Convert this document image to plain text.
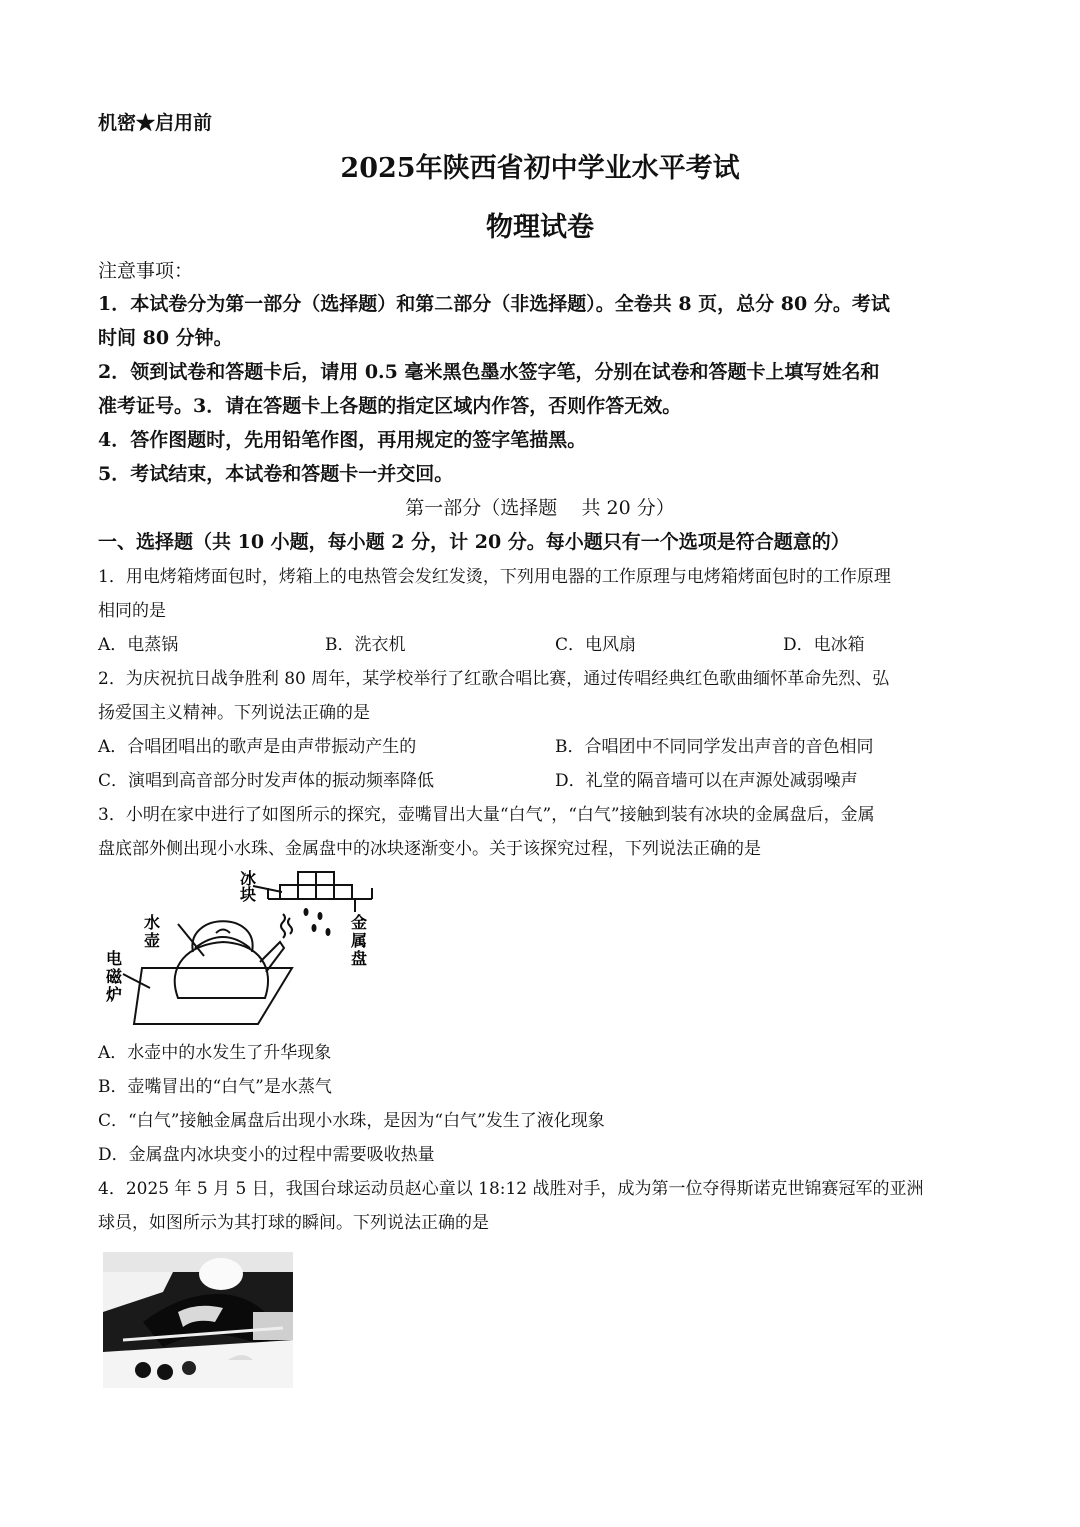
机密★启用前
2025年陕西省初中学业水平考试
物理试卷
注意事项：
1．本试卷分为第一部分（选择题）和第二部分（非选择题）。全卷共 8 页，总分 80 分。考试
时间 80 分钟。
2．领到试卷和答题卡后，请用 0.5 毫米黑色墨水签字笔，分别在试卷和答题卡上填写姓名和
准考证号。3．请在答题卡上各题的指定区域内作答，否则作答无效。
4．答作图题时，先用铅笔作图，再用规定的签字笔描黑。
5．考试结束，本试卷和答题卡一并交回。
第一部分（选择题    共 20 分）
一、选择题（共 10 小题，每小题 2 分，计 20 分。每小题只有一个选项是符合题意的）
1．用电烤箱烤面包时，烤箱上的电热管会发红发烫，下列用电器的工作原理与电烤箱烤面包时的工作原理
相同的是
A．电蒸锅	B．洗衣机	C．电风扇	D．电冰箱
2．为庆祝抗日战争胜利 80 周年，某学校举行了红歌合唱比赛，通过传唱经典红色歌曲缅怀革命先烈、弘
扬爱国主义精神。下列说法正确的是
A．合唱团唱出的歌声是由声带振动产生的	B．合唱团中不同同学发出声音的音色相同
C．演唱到高音部分时发声体的振动频率降低	D．礼堂的隔音墙可以在声源处减弱噪声
3．小明在家中进行了如图所示的探究，壶嘴冒出大量“白气”，“白气”接触到装有冰块的金属盘后，金属
盘底部外侧出现小水珠、金属盘中的冰块逐渐变小。关于该探究过程，下列说法正确的是
冰
块
水
壶
电
磁
炉
金
属
盘
A．水壶中的水发生了升华现象
B．壶嘴冒出的“白气”是水蒸气
C．“白气”接触金属盘后出现小水珠，是因为“白气”发生了液化现象
D．金属盘内冰块变小的过程中需要吸收热量
4．2025 年 5 月 5 日，我国台球运动员赵心童以 18:12 战胜对手，成为第一位夺得斯诺克世锦赛冠军的亚洲
球员，如图所示为其打球的瞬间。下列说法正确的是
